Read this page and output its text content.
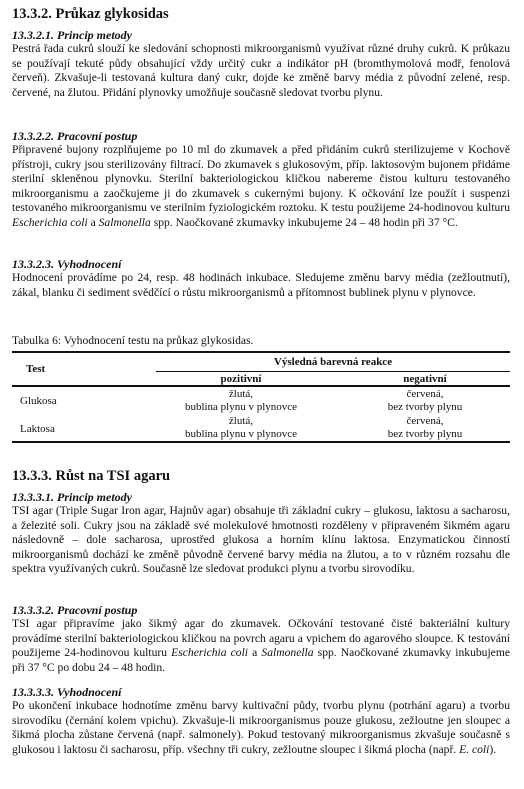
13.3.2. Průkaz glykosidas
13.3.2.1. Princip metody
Pestrá řada cukrů slouží ke sledování schopnosti mikroorganismů využívat různé druhy cukrů. K průkazu se používají tekuté půdy obsahující vždy určitý cukr a indikátor pH (bromthymolová modř, fenolová červeň). Zkvašuje-li testovaná kultura daný cukr, dojde ke změně barvy média z původní zelené, resp. červené, na žlutou. Přidání plynovky umožňuje současně sledovat tvorbu plynu.
13.3.2.2. Pracovní postup
Připravené bujony rozplňujeme po 10 ml do zkumavek a před přidáním cukrů sterilizujeme v Kochově přístroji, cukry jsou sterilizovány filtrací. Do zkumavek s glukosovým, příp. laktosovým bujonem přidáme sterilní skleněnou plynovku. Sterilní bakteriologickou kličkou nabereme čistou kulturu testovaného mikroorganismu a zaočkujeme ji do zkumavek s cukernými bujony. K očkování lze použít i suspenzi testovaného mikroorganismu ve sterilním fyziologickém roztoku. K testu použijeme 24-hodinovou kulturu Escherichia coli a Salmonella spp. Naočkované zkumavky inkubujeme 24 – 48 hodin při 37 °C.
13.3.2.3. Vyhodnocení
Hodnocení provádíme po 24, resp. 48 hodinách inkubace. Sledujeme změnu barvy média (zežloutnutí), zákal, blanku či sediment svědčící o růstu mikroorganismů a přítomnost bublinek plynu v plynovce.
Tabulka 6: Vyhodnocení testu na průkaz glykosidas.
Test
Výsledná barevná reakce
pozitivní	negativní
Glukosa
žlutá,
bublina plynu v plynovce
červená,
bez tvorby plynu
Laktosa
žlutá,
bublina plynu v plynovce
červená,
bez tvorby plynu
13.3.3. Růst na TSI agaru
13.3.3.1. Princip metody
TSI agar (Triple Sugar Iron agar, Hajnův agar) obsahuje tři základní cukry – glukosu, laktosu a sacharosu, a železité soli. Cukry jsou na základě své molekulové hmotnosti rozděleny v připraveném šikmém agaru následovně – dole sacharosa, uprostřed glukosa a horním klínu laktosa. Enzymatickou činností mikroorganismů dochází ke změně původně červené barvy média na žlutou, a to v různém rozsahu dle spektra využívaných cukrů. Současně lze sledovat produkci plynu a tvorbu sirovodíku.
13.3.3.2. Pracovní postup
TSI agar připravíme jako šikmý agar do zkumavek. Očkování testované čisté bakteriální kultury provádíme sterilní bakteriologickou kličkou na povrch agaru a vpichem do agarového sloupce. K testování použijeme 24-hodinovou kulturu Escherichia coli a Salmonella spp. Naočkované zkumavky inkubujeme při 37 °C po dobu 24 – 48 hodin.
13.3.3.3. Vyhodnocení
Po ukončení inkubace hodnotíme změnu barvy kultivační půdy, tvorbu plynu (potrhání agaru) a tvorbu sirovodíku (černání kolem vpichu). Zkvašuje-li mikroorganismus pouze glukosu, zežloutne jen sloupec a šikmá plocha zůstane červená (např. salmonely). Pokud testovaný mikroorganismus zkvašuje současně s glukosou i laktosu či sacharosu, příp. všechny tři cukry, zežloutne sloupec i šikmá plocha (např. E. coli).
